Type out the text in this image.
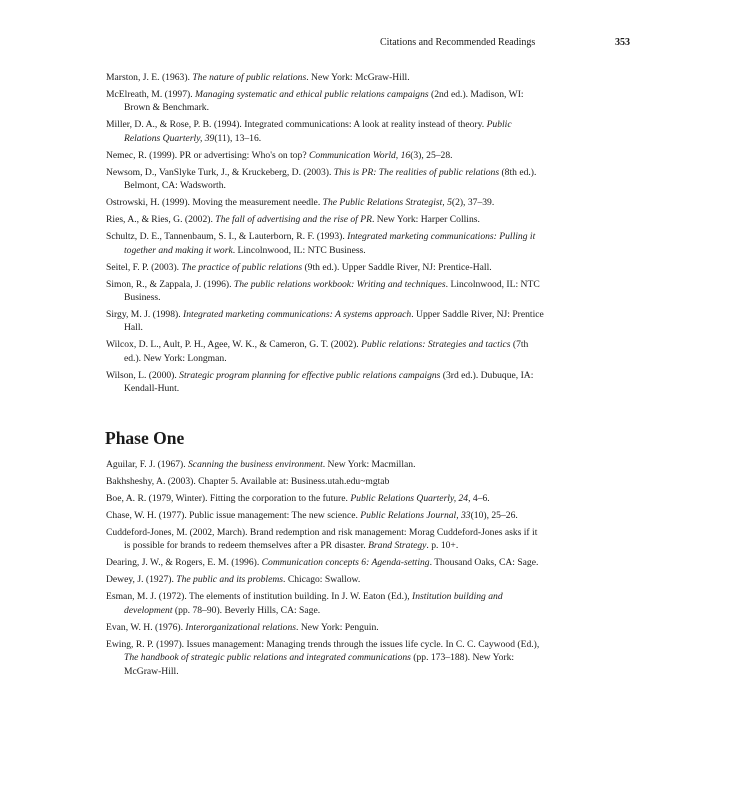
Citations and Recommended Readings	353

Marston, J. E. (1963). The nature of public relations. New York: McGraw-Hill.

McElreath, M. (1997). Managing systematic and ethical public relations campaigns (2nd ed.). Madison, WI: Brown & Benchmark.

Miller, D. A., & Rose, P. B. (1994). Integrated communications: A look at reality instead of theory. Public Relations Quarterly, 39(11), 13–16.

Nemec, R. (1999). PR or advertising: Who's on top? Communication World, 16(3), 25–28.

Newsom, D., VanSlyke Turk, J., & Kruckeberg, D. (2003). This is PR: The realities of public relations (8th ed.). Belmont, CA: Wadsworth.

Ostrowski, H. (1999). Moving the measurement needle. The Public Relations Strategist, 5(2), 37–39.

Ries, A., & Ries, G. (2002). The fall of advertising and the rise of PR. New York: Harper Collins.

Schultz, D. E., Tannenbaum, S. I., & Lauterborn, R. F. (1993). Integrated marketing communications: Pulling it together and making it work. Lincolnwood, IL: NTC Business.

Seitel, F. P. (2003). The practice of public relations (9th ed.). Upper Saddle River, NJ: Prentice-Hall.

Simon, R., & Zappala, J. (1996). The public relations workbook: Writing and techniques. Lincolnwood, IL: NTC Business.

Sirgy, M. J. (1998). Integrated marketing communications: A systems approach. Upper Saddle River, NJ: Prentice Hall.

Wilcox, D. L., Ault, P. H., Agee, W. K., & Cameron, G. T. (2002). Public relations: Strategies and tactics (7th ed.). New York: Longman.

Wilson, L. (2000). Strategic program planning for effective public relations campaigns (3rd ed.). Dubuque, IA: Kendall-Hunt.

Phase One

Aguilar, F. J. (1967). Scanning the business environment. New York: Macmillan.

Bakhsheshy, A. (2003). Chapter 5. Available at: Business.utah.edu~mgtab

Boe, A. R. (1979, Winter). Fitting the corporation to the future. Public Relations Quarterly, 24, 4–6.

Chase, W. H. (1977). Public issue management: The new science. Public Relations Journal, 33(10), 25–26.

Cuddeford-Jones, M. (2002, March). Brand redemption and risk management: Morag Cuddeford-Jones asks if it is possible for brands to redeem themselves after a PR disaster. Brand Strategy. p. 10+.

Dearing, J. W., & Rogers, E. M. (1996). Communication concepts 6: Agenda-setting. Thousand Oaks, CA: Sage.

Dewey, J. (1927). The public and its problems. Chicago: Swallow.

Esman, M. J. (1972). The elements of institution building. In J. W. Eaton (Ed.), Institution building and development (pp. 78–90). Beverly Hills, CA: Sage.

Evan, W. H. (1976). Interorganizational relations. New York: Penguin.

Ewing, R. P. (1997). Issues management: Managing trends through the issues life cycle. In C. C. Caywood (Ed.), The handbook of strategic public relations and integrated communications (pp. 173–188). New York: McGraw-Hill.
